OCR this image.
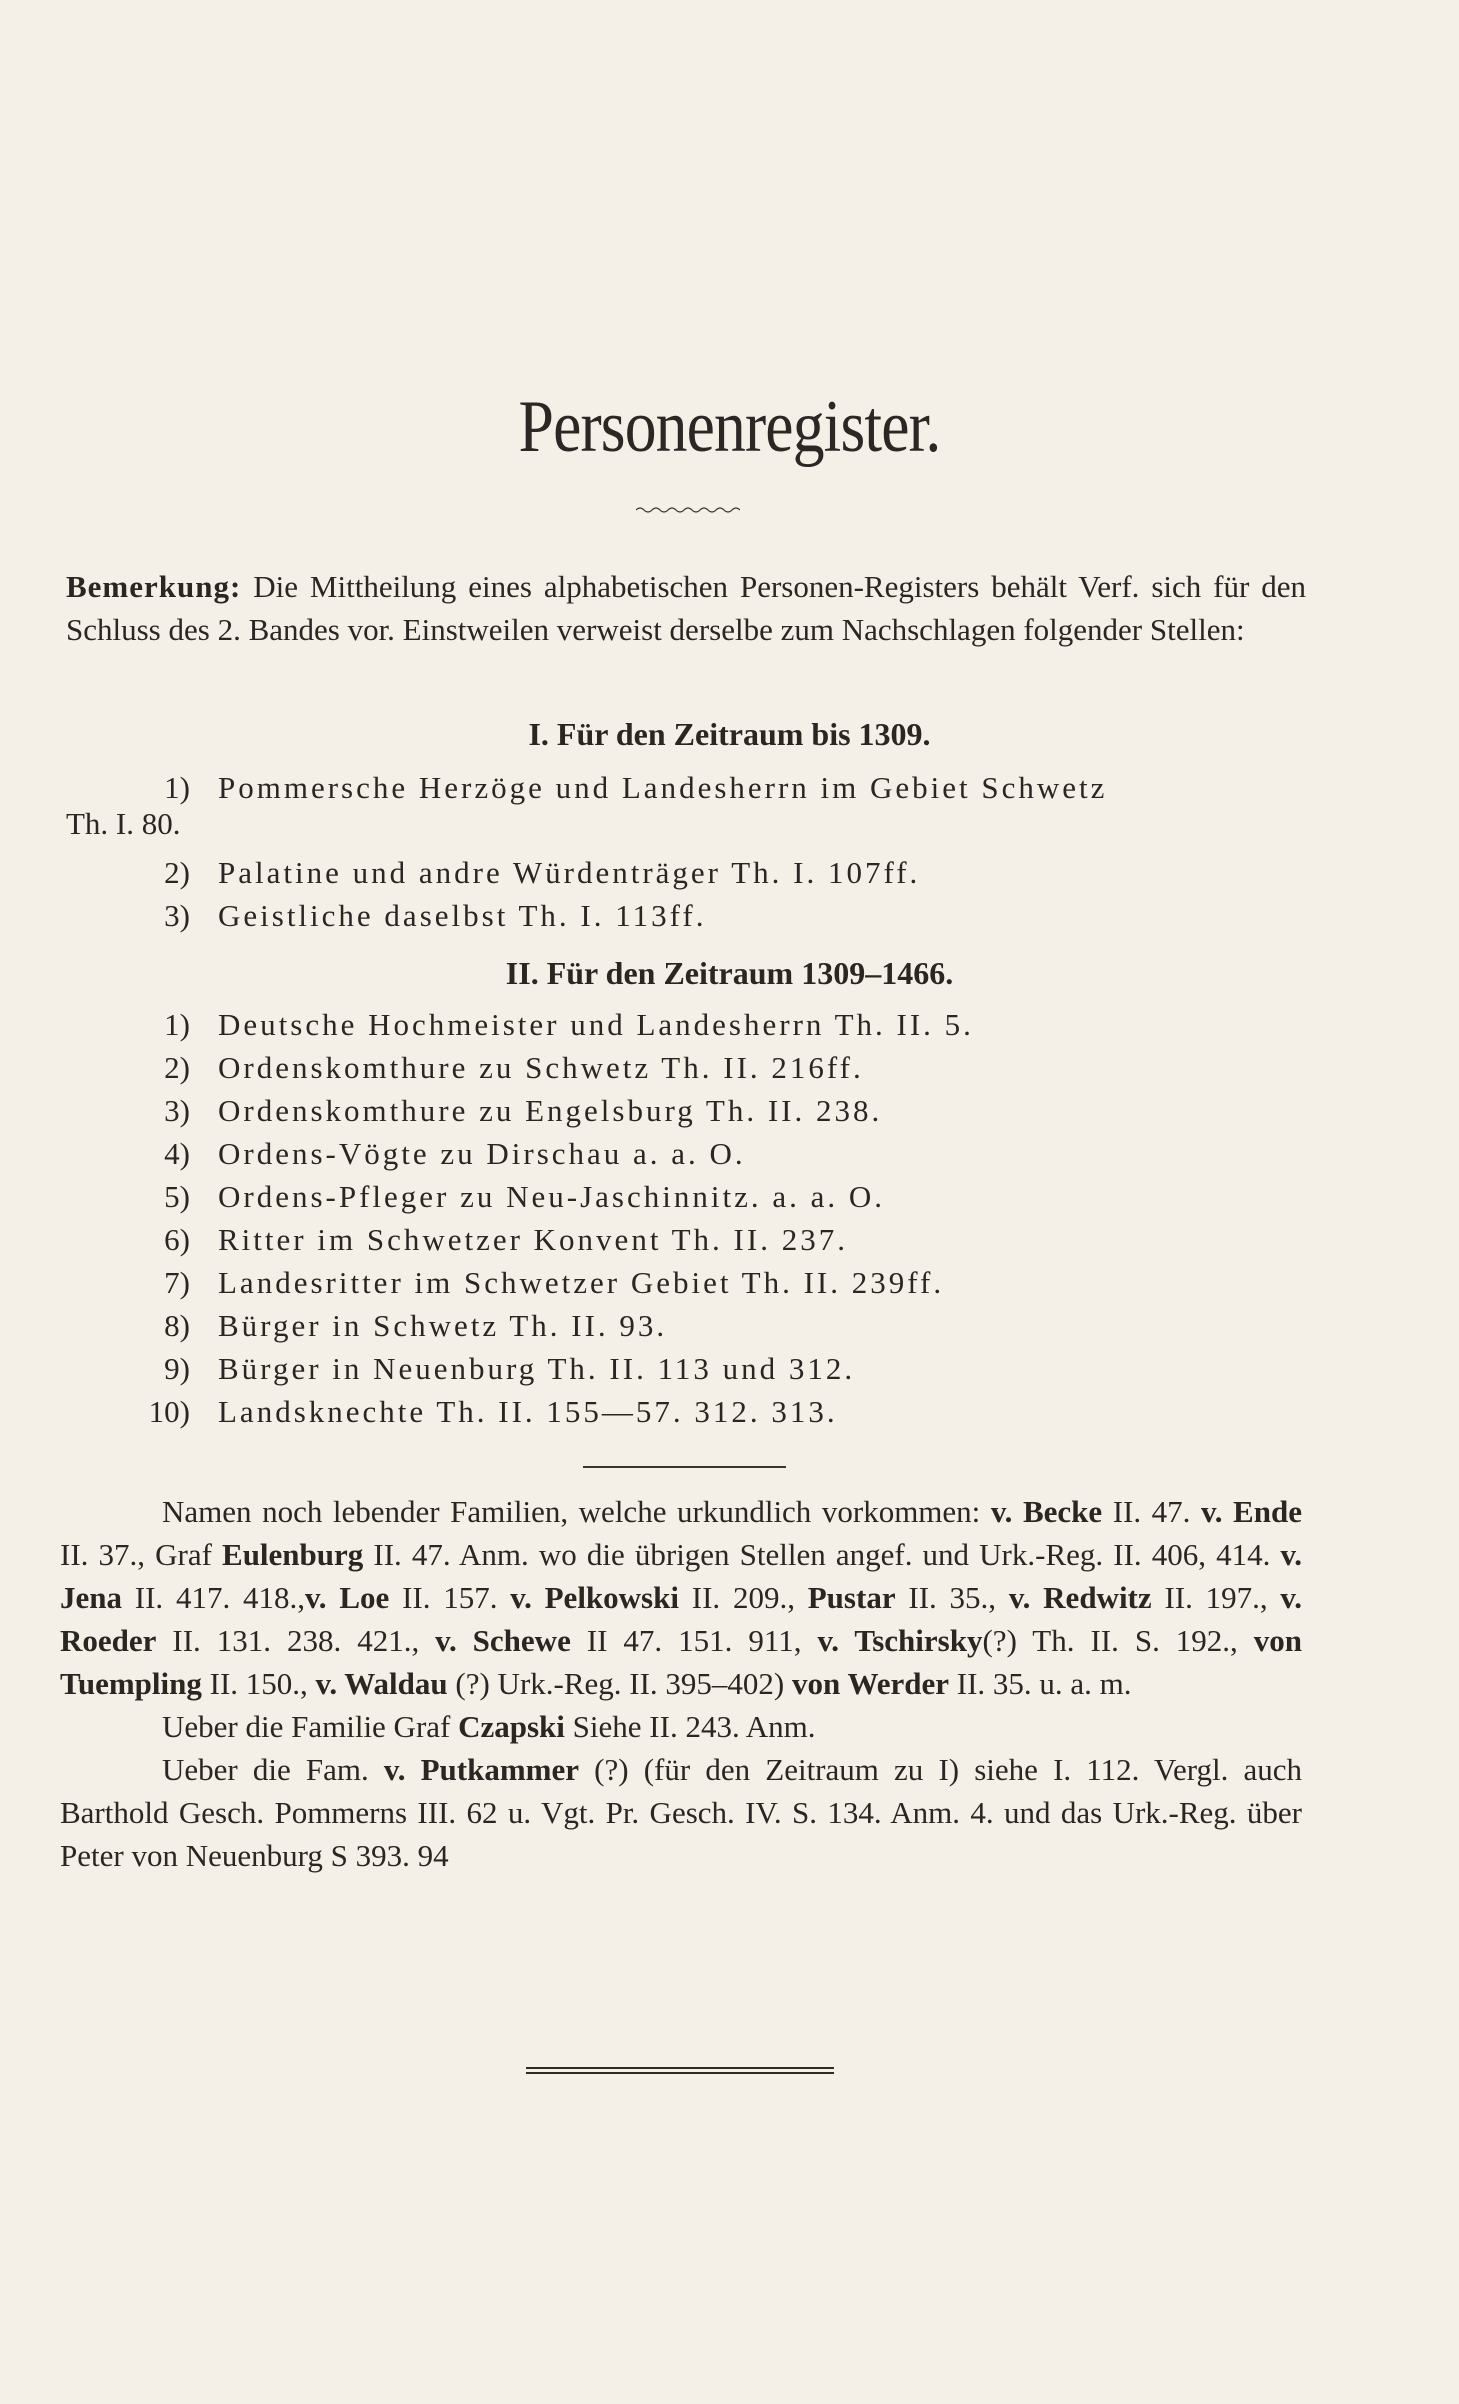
Personenregister.
Bemerkung: Die Mittheilung eines alphabetischen Personen-Registers behält Verf. sich für den Schluss des 2. Bandes vor. Einstweilen verweist derselbe zum Nachschlagen folgender Stellen:
I. Für den Zeitraum bis 1309.
1) Pommersche Herzöge und Landesherrn im Gebiet Schwetz
Th. I. 80.
2) Palatine und andre Würdenträger Th. I. 107ff.
3) Geistliche daselbst Th. I. 113ff.
II. Für den Zeitraum 1309–1466.
1) Deutsche Hochmeister und Landesherrn Th. II. 5.
2) Ordenskomthure zu Schwetz Th. II. 216ff.
3) Ordenskomthure zu Engelsburg Th. II. 238.
4) Ordens-Vögte zu Dirschau a. a. O.
5) Ordens-Pfleger zu Neu-Jaschinnitz. a. a. O.
6) Ritter im Schwetzer Konvent Th. II. 237.
7) Landesritter im Schwetzer Gebiet Th. II. 239ff.
8) Bürger in Schwetz Th. II. 93.
9) Bürger in Neuenburg Th. II. 113 und 312.
10) Landsknechte Th. II. 155—57. 312. 313.

Namen noch lebender Familien, welche urkundlich vorkommen: v. Becke II. 47. v. Ende II. 37., Graf Eulenburg II. 47. Anm. wo die übrigen Stellen angef. und Urk.-Reg. II. 406, 414. v. Jena II. 417. 418.,v. Loe II. 157. v. Pelkowski II. 209., Pustar II. 35., v. Redwitz II. 197., v. Roeder II. 131. 238. 421., v. Schewe II 47. 151. 911, v. Tschirsky(?) Th. II. S. 192., von Tuempling II. 150., v. Waldau (?) Urk.-Reg. II. 395–402) von Werder II. 35. u. a. m.

Ueber die Familie Graf Czapski Siehe II. 243. Anm.

Ueber die Fam. v. Putkammer (?) (für den Zeitraum zu I) siehe I. 112. Vergl. auch Barthold Gesch. Pommerns III. 62 u. Vgt. Pr. Gesch. IV. S. 134. Anm. 4. und das Urk.-Reg. über Peter von Neuenburg S 393. 94
